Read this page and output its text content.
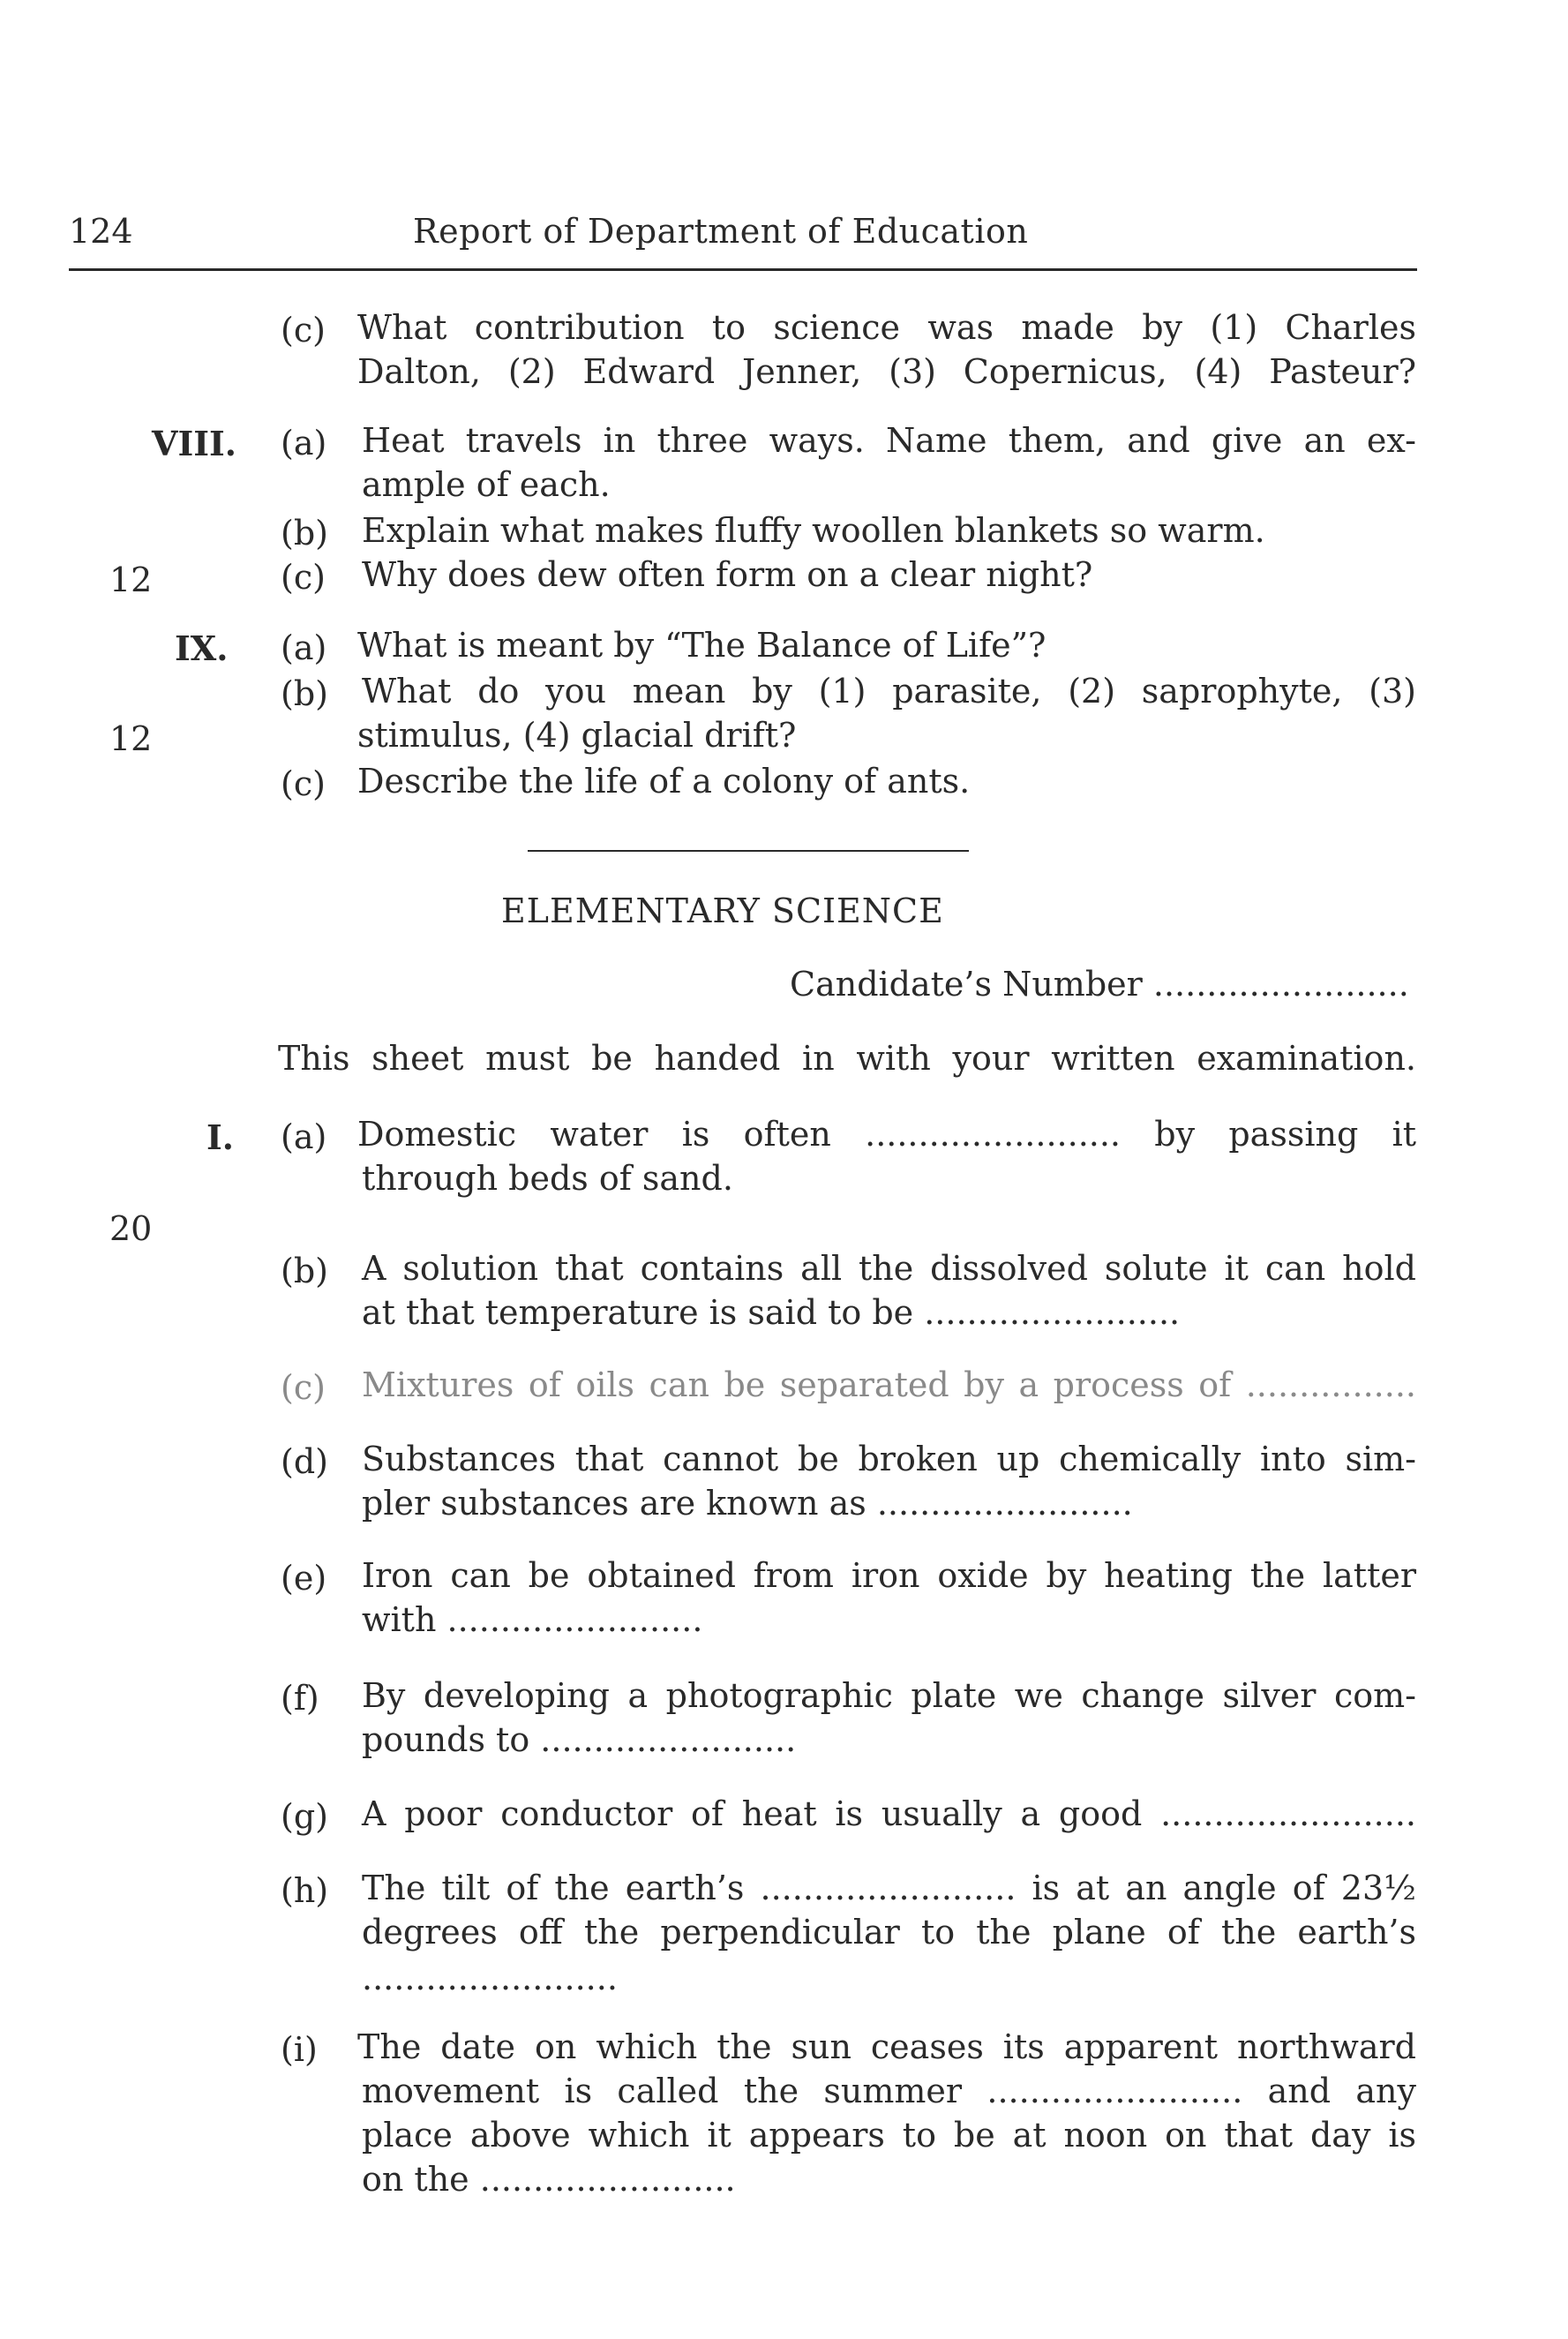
124	Report of Department of Education
(c) What contribution to science was made by (1) Charles
Dalton, (2) Edward Jenner, (3) Copernicus, (4) Pasteur?
VIII. (a) Heat travels in three ways. Name them, and give an ex-
ample of each.
(b) Explain what makes fluffy woollen blankets so warm.
12	(c) Why does dew often form on a clear night?
IX. (a) What is meant by “The Balance of Life”?
(b) What do you mean by (1) parasite, (2) saprophyte, (3)
12	stimulus, (4) glacial drift?
(c) Describe the life of a colony of ants.
ELEMENTARY SCIENCE
Candidate’s Number ........................
This sheet must be handed in with your written examination.
I.
20
(a) Domestic water is often ........................ by passing it
through beds of sand.
(b) A solution that contains all the dissolved solute it can hold
at that temperature is said to be ........................
(c) Mixtures of oils can be separated by a process of ................
(d) Substances that cannot be broken up chemically into sim-
pler substances are known as ........................
(e) Iron can be obtained from iron oxide by heating the latter
with ........................
(f) By developing a photographic plate we change silver com-
pounds to ........................
(g) A poor conductor of heat is usually a good ........................
(h) The tilt of the earth’s ........................ is at an angle of 23½
degrees off the perpendicular to the plane of the earth’s
........................
(i) The date on which the sun ceases its apparent northward
movement is called the summer ........................ and any
place above which it appears to be at noon on that day is
on the ........................
